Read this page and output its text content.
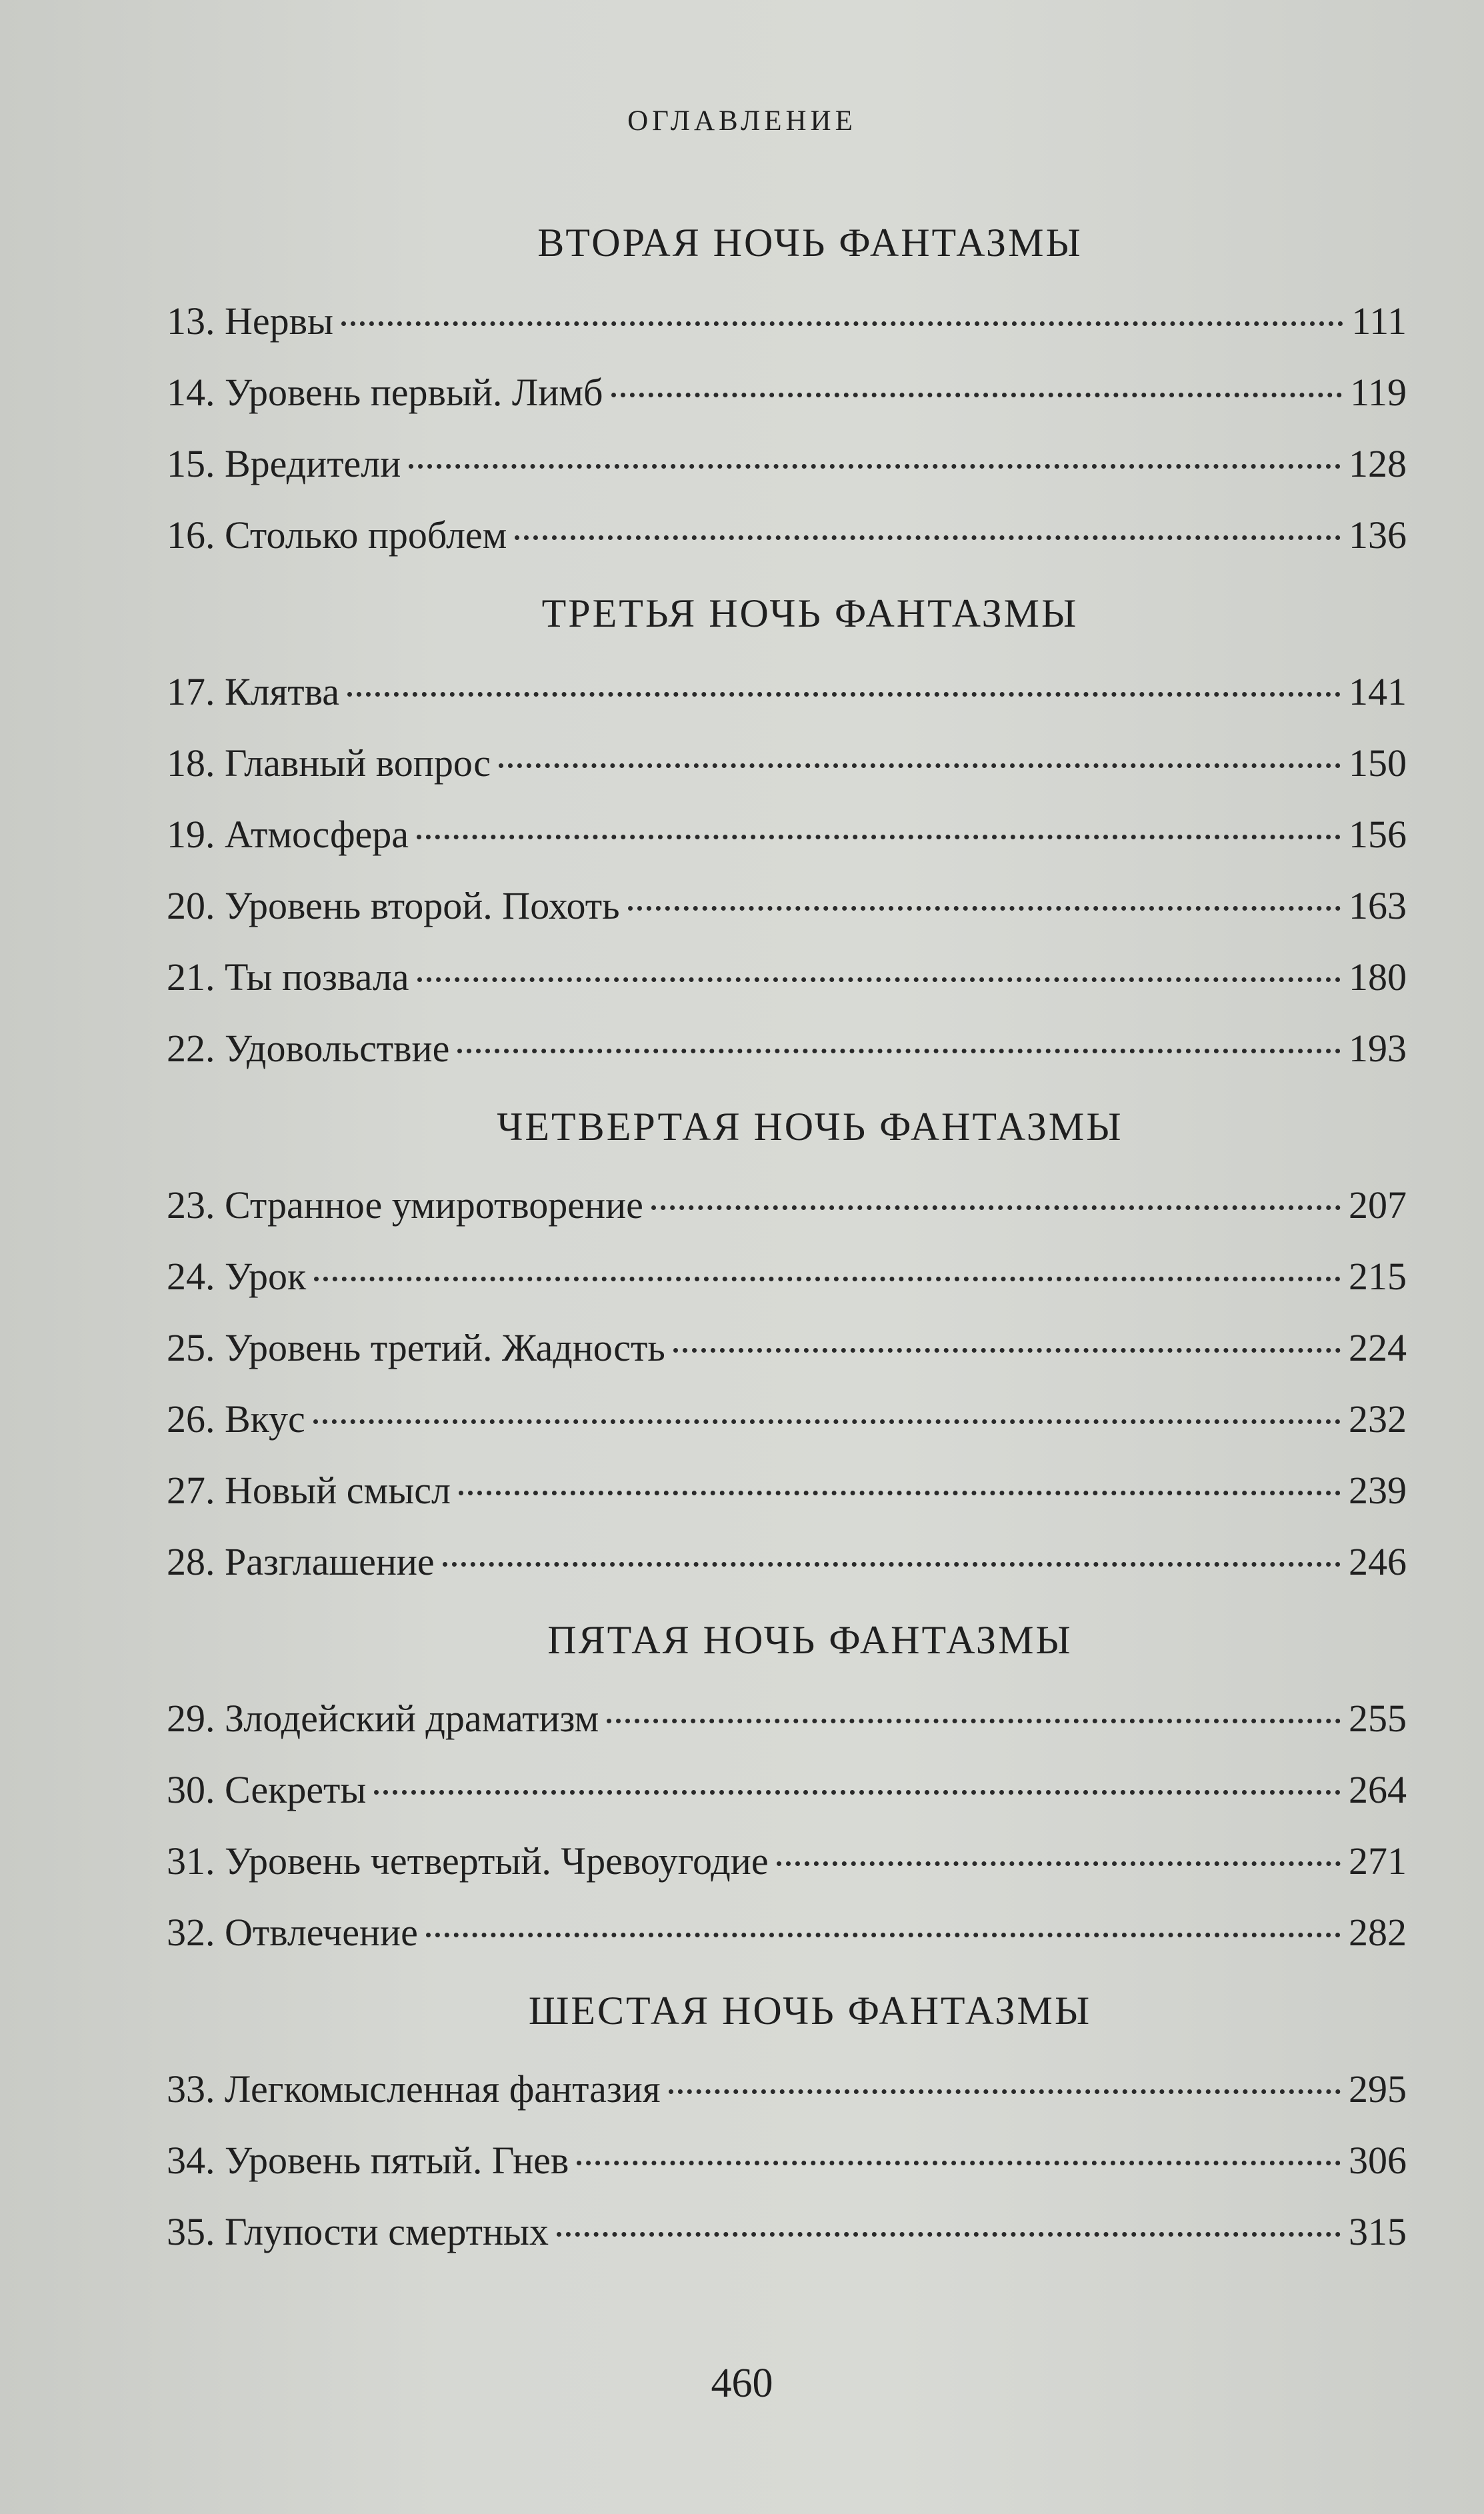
оглавление
ВТОРАЯ НОЧЬ ФАНТАЗМЫ
13. Нервы	111
14. Уровень первый. Лимб	119
15. Вредители	128
16. Столько проблем	136
ТРЕТЬЯ НОЧЬ ФАНТАЗМЫ
17. Клятва	141
18. Главный вопрос	150
19. Атмосфера	156
20. Уровень второй. Похоть	163
21. Ты позвала	180
22. Удовольствие	193
ЧЕТВЕРТАЯ НОЧЬ ФАНТАЗМЫ
23. Странное умиротворение	207
24. Урок	215
25. Уровень третий. Жадность	224
26. Вкус	232
27. Новый смысл	239
28. Разглашение	246
ПЯТАЯ НОЧЬ ФАНТАЗМЫ
29. Злодейский драматизм	255
30. Секреты	264
31. Уровень четвертый. Чревоугодие	271
32. Отвлечение	282
ШЕСТАЯ НОЧЬ ФАНТАЗМЫ
33. Легкомысленная фантазия	295
34. Уровень пятый. Гнев	306
35. Глупости смертных	315
460
